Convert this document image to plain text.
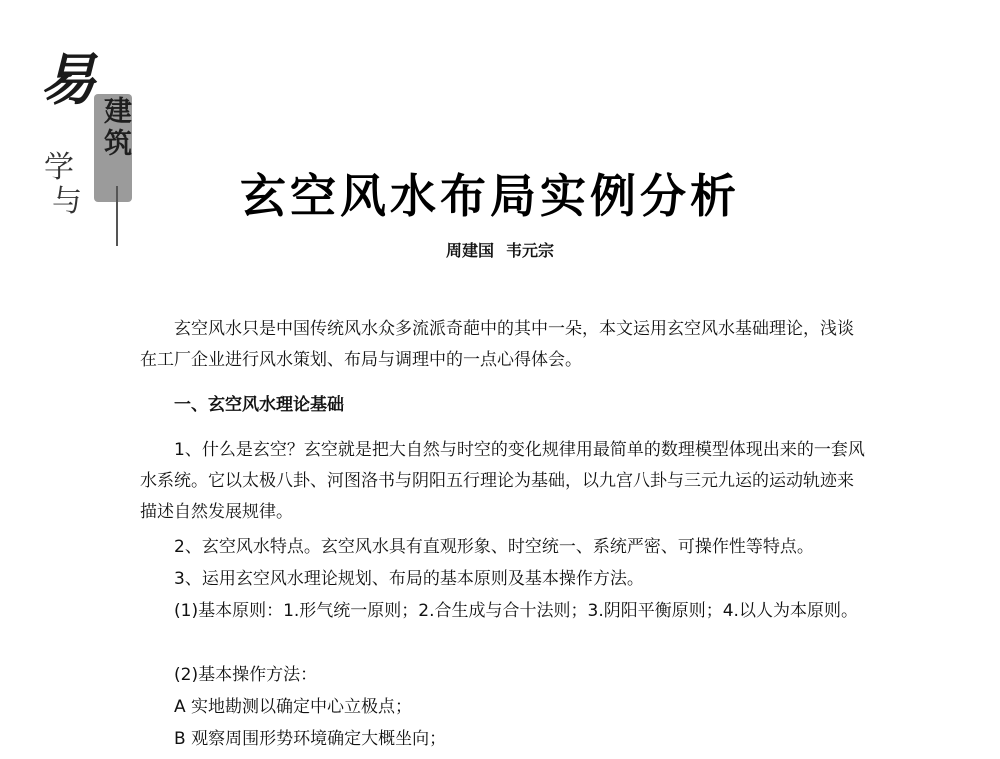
易
建筑
学
与	玄空风水布局实例分析
周建国 韦元宗
玄空风水只是中国传统风水众多流派奇葩中的其中一朵，本文运用玄空风水基础理论，浅谈在工厂企业进行风水策划、布局与调理中的一点心得体会。
一、玄空风水理论基础
1、什么是玄空？玄空就是把大自然与时空的变化规律用最简单的数理模型体现出来的一套风水系统。它以太极八卦、河图洛书与阴阳五行理论为基础，以九宫八卦与三元九运的运动轨迹来描述自然发展规律。
2、玄空风水特点。玄空风水具有直观形象、时空统一、系统严密、可操作性等特点。
3、运用玄空风水理论规划、布局的基本原则及基本操作方法。
(1)基本原则：1.形气统一原则；2.合生成与合十法则；3.阴阳平衡原则；4.以人为本原则。
(2)基本操作方法：
A 实地勘测以确定中心立极点；
B 观察周围形势环境确定大概坐向；
